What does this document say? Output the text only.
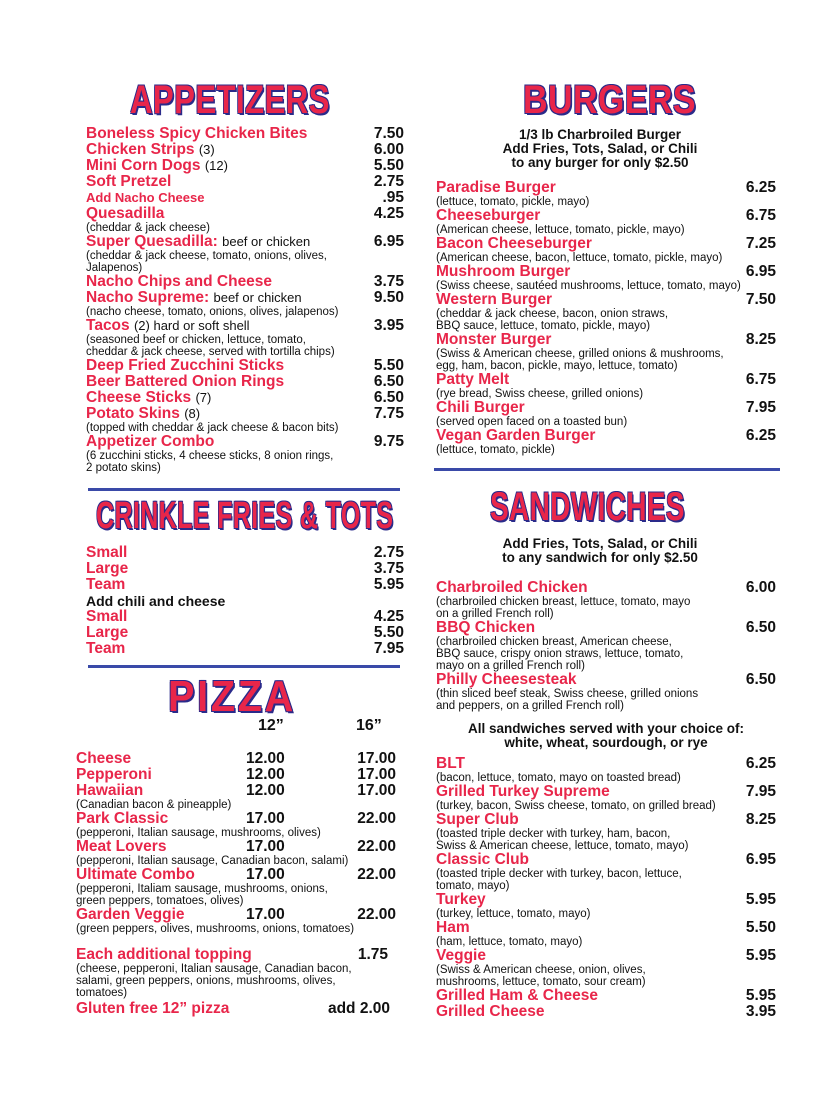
APPETIZERS	BURGERS
CRINKLE FRIES & TOTS SANDWICHES
PIZZA
Boneless Spicy Chicken Bites	7.50
Chicken Strips (3)	6.00
Mini Corn Dogs (12)	5.50
Soft Pretzel	2.75
Add Nacho Cheese	.95
Quesadilla	4.25
(cheddar & jack cheese)
Super Quesadilla: beef or chicken	6.95
(cheddar & jack cheese, tomato, onions, olives,
Jalapenos)
Nacho Chips and Cheese	3.75
Nacho Supreme: beef or chicken	9.50
(nacho cheese, tomato, onions, olives, jalapenos)
Tacos (2) hard or soft shell	3.95
(seasoned beef or chicken, lettuce, tomato,
cheddar & jack cheese, served with tortilla chips)
Deep Fried Zucchini Sticks	5.50
Beer Battered Onion Rings	6.50
Cheese Sticks (7)	6.50
Potato Skins (8)	7.75
(topped with cheddar & jack cheese & bacon bits)
Appetizer Combo	9.75
(6 zucchini sticks, 4 cheese sticks, 8 onion rings,
2 potato skins)
Small	2.75
Large	3.75
Team	5.95
Add chili and cheese
Small	4.25
Large	5.50
Team	7.95
12”	16”
Cheese	12.00	17.00
Pepperoni	12.00	17.00
Hawaiian	12.00	17.00
(Canadian bacon & pineapple)
Park Classic	17.00	22.00
(pepperoni, Italian sausage, mushrooms, olives)
Meat Lovers	17.00	22.00
(pepperoni, Italian sausage, Canadian bacon, salami)
Ultimate Combo	17.00	22.00
(pepperoni, Italiam sausage, mushrooms, onions,
green peppers, tomatoes, olives)
Garden Veggie	17.00	22.00
(green peppers, olives, mushrooms, onions, tomatoes)
Each additional topping	1.75
(cheese, pepperoni, Italian sausage, Canadian bacon,
salami, green peppers, onions, mushrooms, olives,
tomatoes)
Gluten free 12” pizza	add 2.00
1/3 lb Charbroiled Burger
Add Fries, Tots, Salad, or Chili
to any burger for only $2.50
Paradise Burger	6.25
(lettuce, tomato, pickle, mayo)
Cheeseburger	6.75
(American cheese, lettuce, tomato, pickle, mayo)
Bacon Cheeseburger	7.25
(American cheese, bacon, lettuce, tomato, pickle, mayo)
Mushroom Burger	6.95
(Swiss cheese, sautéed mushrooms, lettuce, tomato, mayo)
Western Burger	7.50
(cheddar & jack cheese, bacon, onion straws,
BBQ sauce, lettuce, tomato, pickle, mayo)
Monster Burger	8.25
(Swiss & American cheese, grilled onions & mushrooms,
egg, ham, bacon, pickle, mayo, lettuce, tomato)
Patty Melt	6.75
(rye bread, Swiss cheese, grilled onions)
Chili Burger	7.95
(served open faced on a toasted bun)
Vegan Garden Burger	6.25
(lettuce, tomato, pickle)
Add Fries, Tots, Salad, or Chili
to any sandwich for only $2.50
Charbroiled Chicken	6.00
(charbroiled chicken breast, lettuce, tomato, mayo
on a grilled French roll)
BBQ Chicken	6.50
(charbroiled chicken breast, American cheese,
BBQ sauce, crispy onion straws, lettuce, tomato,
mayo on a grilled French roll)
Philly Cheesesteak	6.50
(thin sliced beef steak, Swiss cheese, grilled onions
and peppers, on a grilled French roll)
All sandwiches served with your choice of:
white, wheat, sourdough, or rye
BLT	6.25
(bacon, lettuce, tomato, mayo on toasted bread)
Grilled Turkey Supreme	7.95
(turkey, bacon, Swiss cheese, tomato, on grilled bread)
Super Club	8.25
(toasted triple decker with turkey, ham, bacon,
Swiss & American cheese, lettuce, tomato, mayo)
Classic Club	6.95
(toasted triple decker with turkey, bacon, lettuce,
tomato, mayo)
Turkey	5.95
(turkey, lettuce, tomato, mayo)
Ham	5.50
(ham, lettuce, tomato, mayo)
Veggie	5.95
(Swiss & American cheese, onion, olives,
mushrooms, lettuce, tomato, sour cream)
Grilled Ham & Cheese	5.95
Grilled Cheese	3.95
